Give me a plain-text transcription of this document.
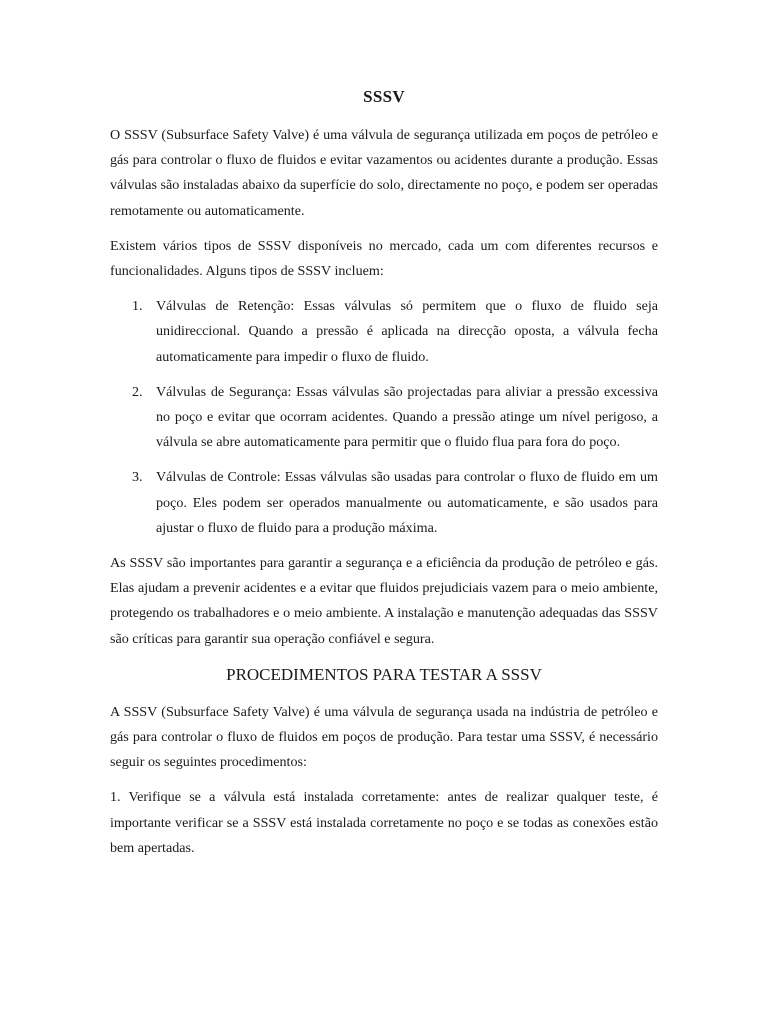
SSSV

O SSSV (Subsurface Safety Valve) é uma válvula de segurança utilizada em poços de petróleo e gás para controlar o fluxo de fluidos e evitar vazamentos ou acidentes durante a produção. Essas válvulas são instaladas abaixo da superfície do solo, directamente no poço, e podem ser operadas remotamente ou automaticamente.

Existem vários tipos de SSSV disponíveis no mercado, cada um com diferentes recursos e funcionalidades. Alguns tipos de SSSV incluem:

1. Válvulas de Retenção: Essas válvulas só permitem que o fluxo de fluido seja unidireccional. Quando a pressão é aplicada na direcção oposta, a válvula fecha automaticamente para impedir o fluxo de fluido.
2. Válvulas de Segurança: Essas válvulas são projectadas para aliviar a pressão excessiva no poço e evitar que ocorram acidentes. Quando a pressão atinge um nível perigoso, a válvula se abre automaticamente para permitir que o fluido flua para fora do poço.
3. Válvulas de Controle: Essas válvulas são usadas para controlar o fluxo de fluido em um poço. Eles podem ser operados manualmente ou automaticamente, e são usados para ajustar o fluxo de fluido para a produção máxima.

As SSSV são importantes para garantir a segurança e a eficiência da produção de petróleo e gás. Elas ajudam a prevenir acidentes e a evitar que fluidos prejudiciais vazem para o meio ambiente, protegendo os trabalhadores e o meio ambiente. A instalação e manutenção adequadas das SSSV são críticas para garantir sua operação confiável e segura.

PROCEDIMENTOS PARA TESTAR A SSSV

A SSSV (Subsurface Safety Valve) é uma válvula de segurança usada na indústria de petróleo e gás para controlar o fluxo de fluidos em poços de produção. Para testar uma SSSV, é necessário seguir os seguintes procedimentos:

1. Verifique se a válvula está instalada corretamente: antes de realizar qualquer teste, é importante verificar se a SSSV está instalada corretamente no poço e se todas as conexões estão bem apertadas.
